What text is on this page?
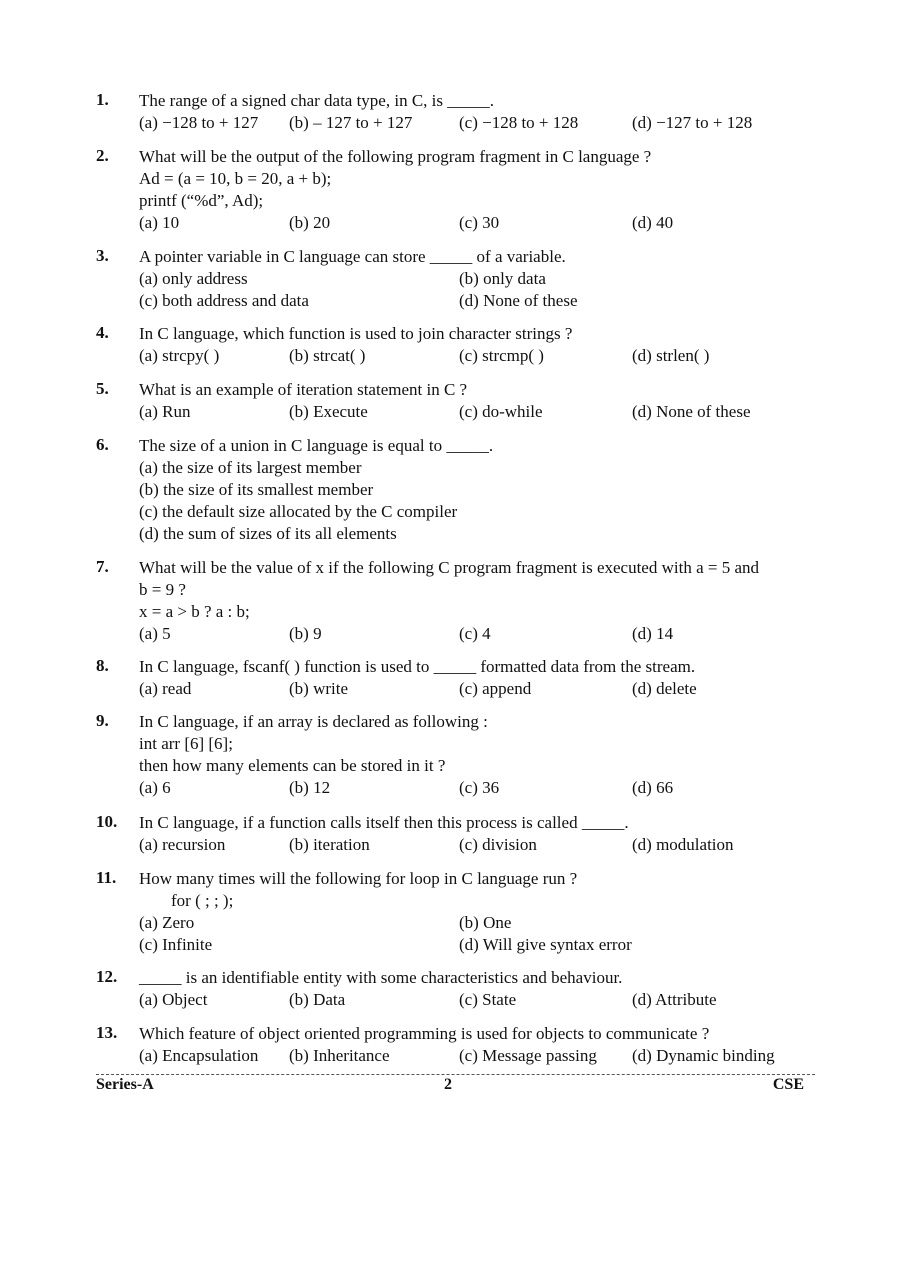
1. The range of a signed char data type, in C, is _____.
(a) −128 to + 127 (b) – 127 to + 127	(c) −128 to + 128	(d) −127 to + 128
2. What will be the output of the following program fragment in C language ?
Ad = (a = 10, b = 20, a + b);
printf (“%d”, Ad);
(a) 10	(b) 20	(c) 30	(d) 40
3. A pointer variable in C language can store _____ of a variable.
(a) only address	(b) only data
(c) both address and data	(d) None of these
4. In C language, which function is used to join character strings ?
(a) strcpy( )	(b) strcat( )	(c) strcmp( )	(d) strlen( )
5. What is an example of iteration statement in C ?
(a) Run	(b) Execute	(c) do-while	(d) None of these
6. The size of a union in C language is equal to _____.
(a) the size of its largest member
(b) the size of its smallest member
(c) the default size allocated by the C compiler
(d) the sum of sizes of its all elements
7. What will be the value of x if the following C program fragment is executed with a = 5 and
b = 9 ?
x = a > b ? a : b;
(a) 5	(b) 9	(c) 4	(d) 14
8. In C language, fscanf( ) function is used to _____ formatted data from the stream.
(a) read	(b) write	(c) append	(d) delete
9. In C language, if an array is declared as following :
int arr [6] [6];
then how many elements can be stored in it ?
(a) 6	(b) 12	(c) 36	(d) 66
10. In C language, if a function calls itself then this process is called _____.
(a) recursion	(b) iteration	(c) division	(d) modulation
11. How many times will the following for loop in C language run ?
for ( ; ; );
(a) Zero	(b) One
(c) Infinite	(d) Will give syntax error
12. _____ is an identifiable entity with some characteristics and behaviour.
(a) Object	(b) Data	(c) State	(d) Attribute
13. Which feature of object oriented programming is used for objects to communicate ?
(a) Encapsulation (b) Inheritance	(c) Message passing (d) Dynamic binding
Series-A	2	CSE
